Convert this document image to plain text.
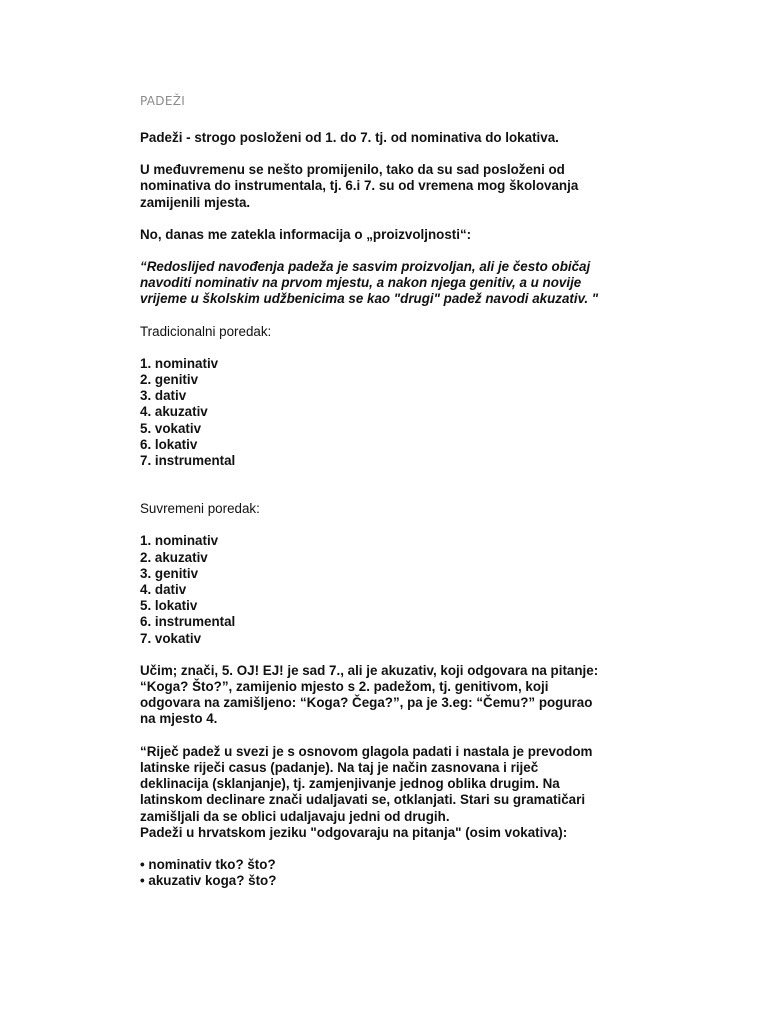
PADEŽI

Padeži - strogo posloženi od 1. do 7. tj. od nominativa do lokativa.

U međuvremenu se nešto promijenilo, tako da su sad posloženi od
nominativa do instrumentala, tj. 6.i 7. su od vremena mog školovanja
zamijenili mjesta.

No, danas me zatekla informacija o „proizvoljnosti“:

“Redoslijed navođenja padeža je sasvim proizvoljan, ali je često običaj
navoditi nominativ na prvom mjestu, a nakon njega genitiv, a u novije
vrijeme u školskim udžbenicima se kao "drugi" padež navodi akuzativ. "

Tradicionalni poredak:

1. nominativ
2. genitiv
3. dativ
4. akuzativ
5. vokativ
6. lokativ
7. instrumental

Suvremeni poredak:

1. nominativ
2. akuzativ
3. genitiv
4. dativ
5. lokativ
6. instrumental
7. vokativ

Učim; znači, 5. OJ! EJ! je sad 7., ali je akuzativ, koji odgovara na pitanje:
“Koga? Što?”, zamijenio mjesto s 2. padežom, tj. genitivom, koji
odgovara na zamišljeno: “Koga? Čega?”, pa je 3.eg: “Čemu?” pogurao
na mjesto 4.

“Riječ padež u svezi je s osnovom glagola padati i nastala je prevodom
latinske riječi casus (padanje). Na taj je način zasnovana i riječ
deklinacija (sklanjanje), tj. zamjenjivanje jednog oblika drugim. Na
latinskom declinare znači udaljavati se, otklanjati. Stari su gramatičari
zamišljali da se oblici udaljavaju jedni od drugih.

Padeži u hrvatskom jeziku "odgovaraju na pitanja" (osim vokativa):

• nominativ tko? što?
• akuzativ koga? što?
